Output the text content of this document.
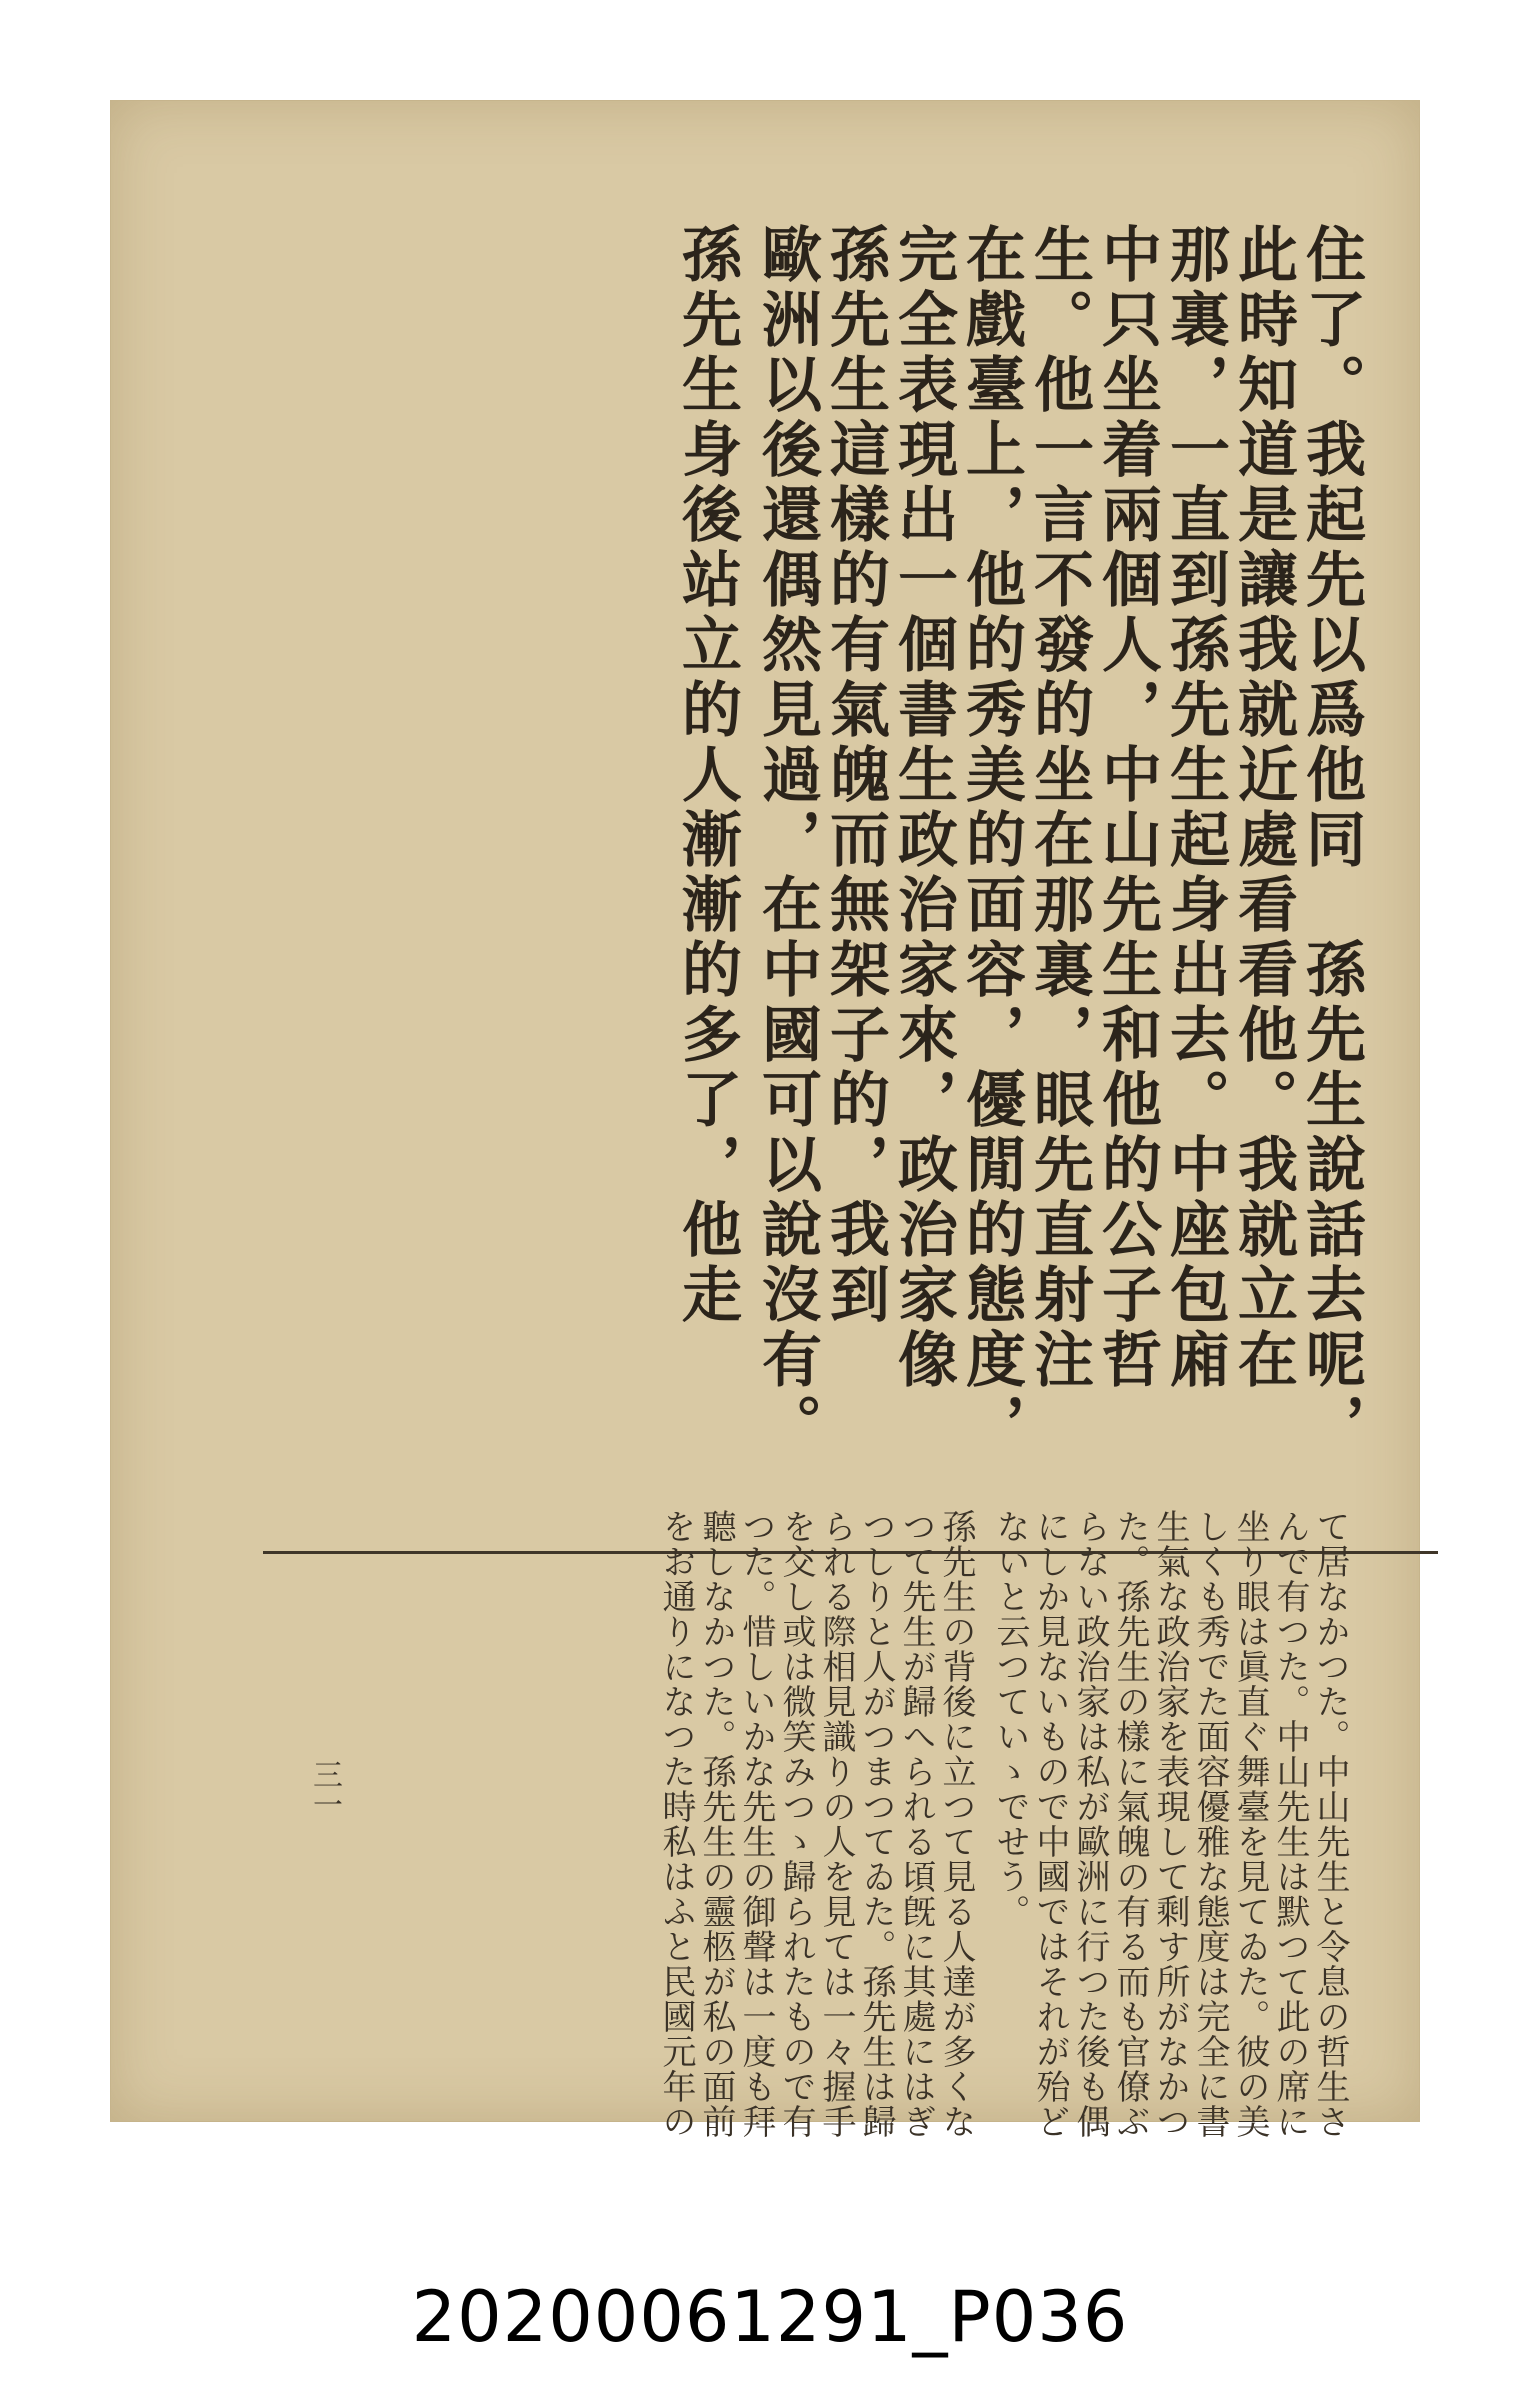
住了。我起先以爲他同　孫先生說話去呢，
此時知道是讓我就近處看看他。我就立在
那裏，一直到孫先生起身出去。中座包廂
中只坐着兩個人，中山先生和他的公子哲
生。他一言不發的坐在那裏，眼先直射注
在戲臺上，他的秀美的面容，優閒的態度，
完全表現出一個書生政治家來，政治家像
孫先生這樣的有氣魄而無架子的，我到
歐洲以後還偶然見過，在中國可以說沒有。
孫先生身後站立的人漸漸的多了，他走
て居なかつた。中山先生と令息の哲生さ
んで有つた。中山先生は默つて此の席に
坐り眼は眞直ぐ舞臺を見てゐた。彼の美
しくも秀でた面容優雅な態度は完全に書
生氣な政治家を表現して剩す所がなかつ
た。孫先生の樣に氣魄の有る而も官僚ぶ
らない政治家は私が歐洲に行つた後も偶
にしか見ないもので中國ではそれが殆ど
ないと云つていゝでせう。
孫先生の背後に立つて見る人達が多くな
つて先生が歸へられる頃旣に其處にはぎ
つしりと人がつまつてゐた。孫先生は歸
られる際相見識りの人を見ては一々握手
を交し或は微笑みつゝ歸られたもので有
つた。惜しいかな先生の御聲は一度も拜
聽しなかつた。孫先生の靈柩が私の面前
をお通りになつた時私はふと民國元年の
三一
20200061291_P036
